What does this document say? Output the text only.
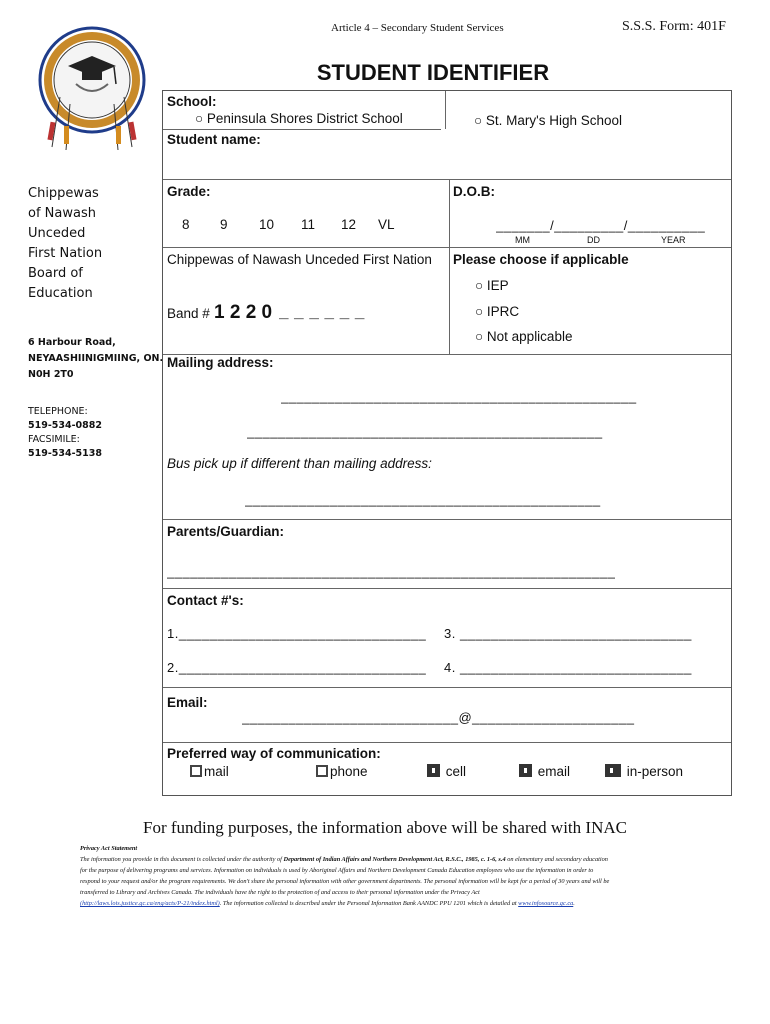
Article 4 – Secondary Student Services	S.S.S. Form: 401F
STUDENT IDENTIFIER
Chippewas
of Nawash
Unceded
First Nation
Board of
Education
6 Harbour Road,
NEYAASHIINIGMIING, ON.
N0H 2T0
TELEPHONE:
519-534-0882
FACSIMILE:
519-534-5138
School:
○ Peninsula Shores District School	○ St. Mary's High School
Student name:
Grade:
8 9 10 11 12 VL
D.O.B:
_______/_________/__________
MM	DD	YEAR
Chippewas of Nawash Unceded First Nation
Band # 1 2 2 0 _ _ _ _ _ _
Please choose if applicable
○ IEP
○ IPRC
○ Not applicable
Mailing address:
______________________________________________
______________________________________________
Bus pick up if different than mailing address:
______________________________________________
Parents/Guardian:
__________________________________________________________
Contact #'s:
1.________________________________
2.________________________________
3. ______________________________
4. ______________________________
Email:
____________________________@_____________________
Preferred way of communication:
mail	phone	cell	email	in-person
For funding purposes, the information above will be shared with INAC
Privacy Act Statement
The information you provide in this document is collected under the authority of Department of Indian Affairs and Northern Development Act, R.S.C., 1985, c. 1-6, s.4 on elementary and secondary education
for the purpose of delivering programs and services. Information on individuals is used by Aboriginal Affairs and Northern Development Canada Education employees who use the information in order to
respond to your request and/or the program requirements. We don't share the personal information with other government departments. The personal information will be kept for a period of 30 years and will be
transferred to Library and Archives Canada. The individuals have the right to the protection of and access to their personal information under the Privacy Act
(http://laws.lois.justice.gc.ca/eng/acts/P-21/index.html). The information collected is described under the Personal Information Bank AANDC PPU 1201 which is detailed at www.infosource.gc.ca.
